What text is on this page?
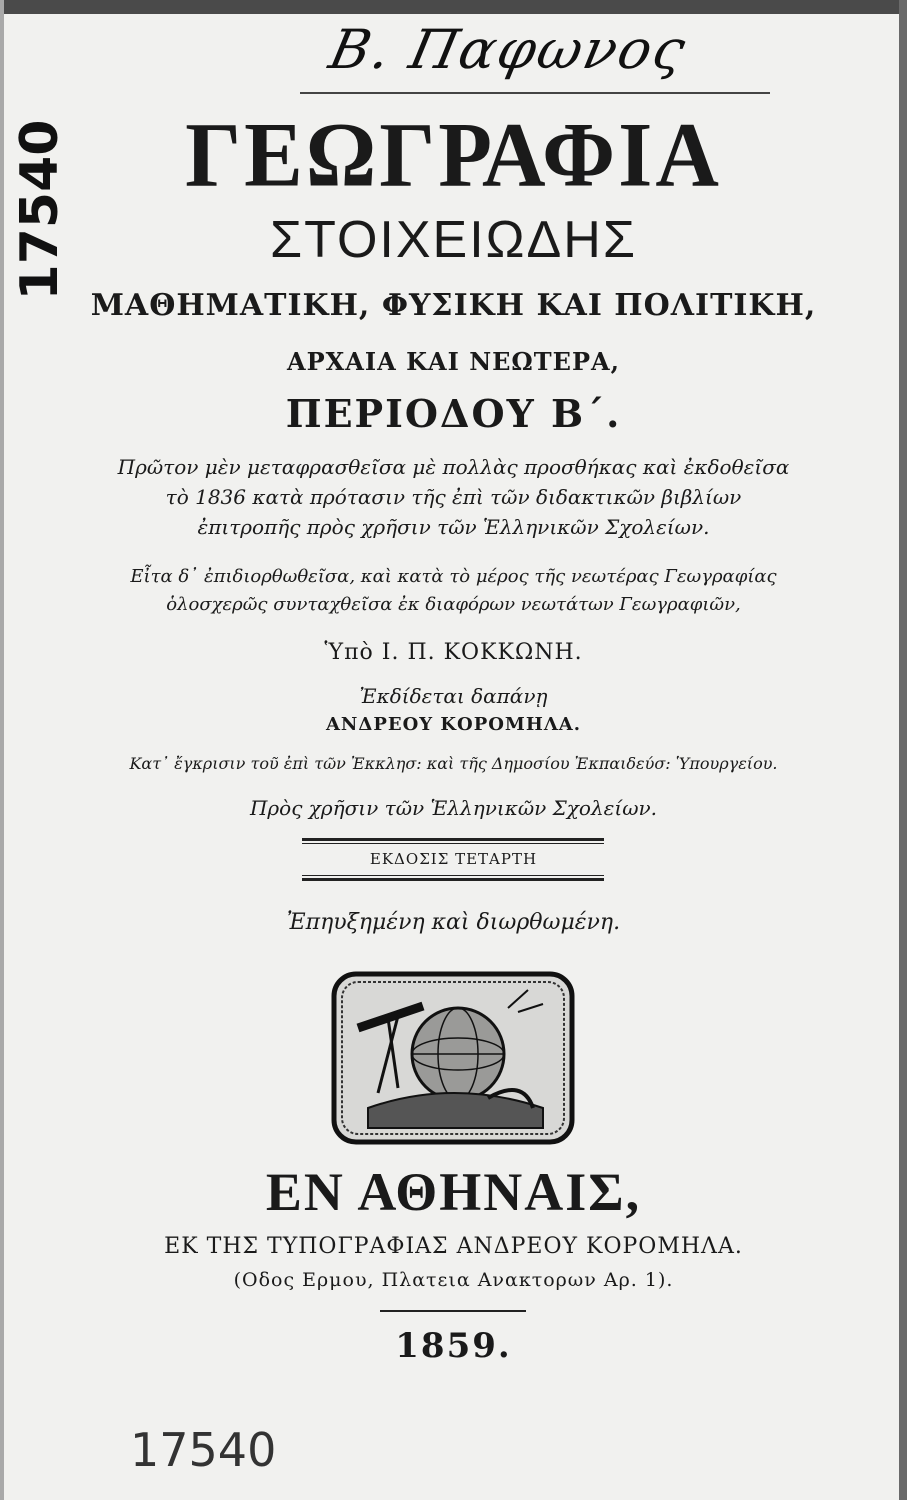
Β. Παφωνος
17540	ΓΕΩΓΡΑΦΙΑ
ΣΤΟΙΧΕΙΩΔΗΣ
ΜΑΘΗΜΑΤΙΚΗ, ΦΥΣΙΚΗ ΚΑΙ ΠΟΛΙΤΙΚΗ,
ΑΡΧΑΙΑ ΚΑΙ ΝΕΩΤΕΡΑ,
ΠΕΡΙΟΔΟΥ Β΄.
Πρῶτον μὲν μεταφρασθεῖσα μὲ πολλὰς προσθήκας καὶ ἐκδοθεῖσα
τὸ 1836 κατὰ πρότασιν τῆς ἐπὶ τῶν διδακτικῶν βιβλίων
ἐπιτροπῆς πρὸς χρῆσιν τῶν Ἑλληνικῶν Σχολείων.
Εἶτα δ᾽ ἐπιδιορθωθεῖσα, καὶ κατὰ τὸ μέρος τῆς νεωτέρας Γεωγραφίας
ὁλοσχερῶς συνταχθεῖσα ἐκ διαφόρων νεωτάτων Γεωγραφιῶν,
Ὑπὸ Ι. Π. ΚΟΚΚΩΝΗ.
Ἐκδίδεται δαπάνῃ
ΑΝΔΡΕΟΥ ΚΟΡΟΜΗΛΑ.
Κατ᾽ ἔγκρισιν τοῦ ἐπὶ τῶν Ἐκκλησ: καὶ τῆς Δημοσίου Ἐκπαιδεύσ: Ὑπουργείου.
Πρὸς χρῆσιν τῶν Ἑλληνικῶν Σχολείων.
ΕΚΔΟΣΙΣ ΤΕΤΑΡΤΗ
Ἐπηυξημένη καὶ διωρθωμένη.
ΕΝ ΑΘΗΝΑΙΣ,
ΕΚ ΤΗΣ ΤΥΠΟΓΡΑΦΙΑΣ ΑΝΔΡΕΟΥ ΚΟΡΟΜΗΛΑ.
(Οδος Ερμου, Πλατεια Ανακτορων Αρ. 1).
1859.
17540
